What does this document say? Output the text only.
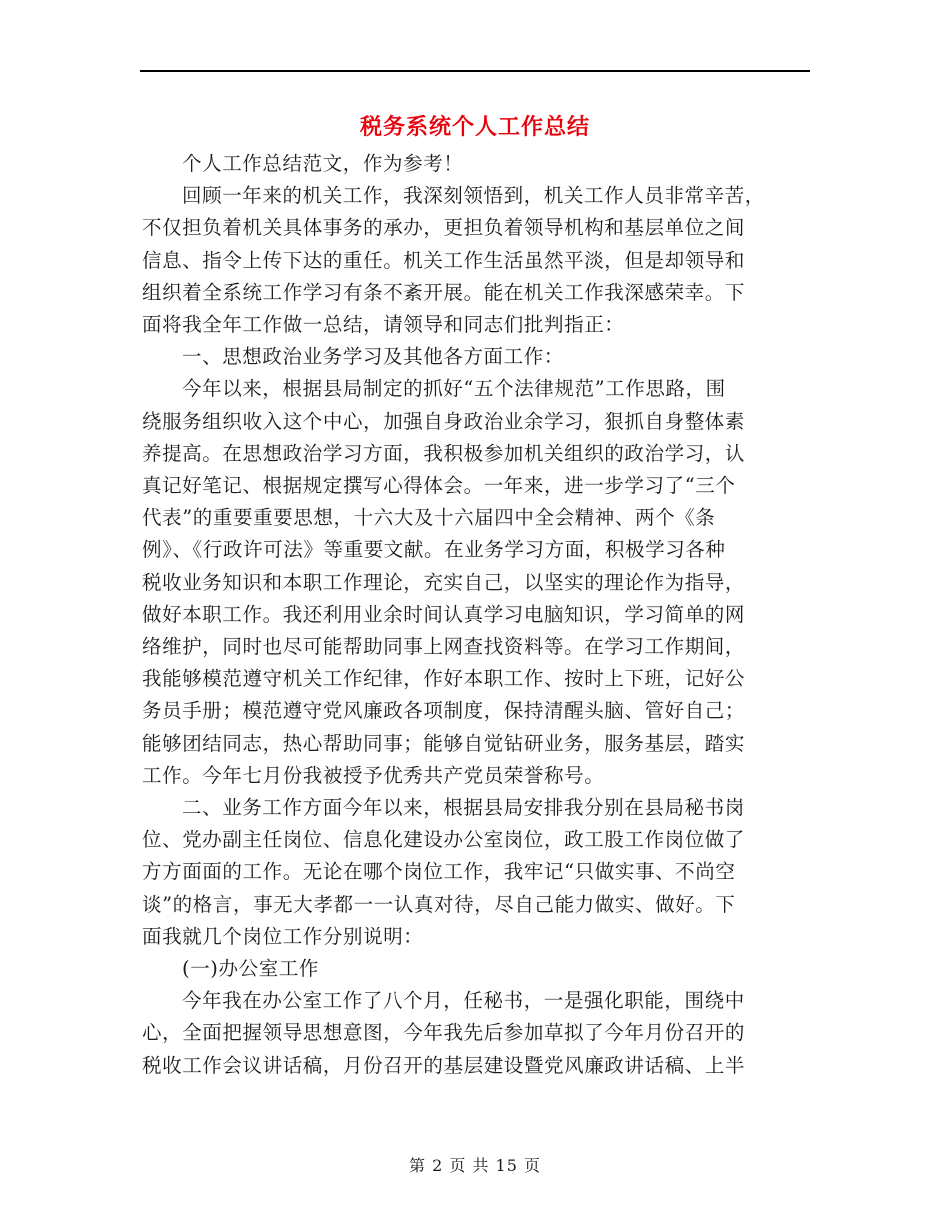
税务系统个人工作总结

个人工作总结范文，作为参考！

回顾一年来的机关工作，我深刻领悟到，机关工作人员非常辛苦，

不仅担负着机关具体事务的承办，更担负着领导机构和基层单位之间

信息、指令上传下达的重任。机关工作生活虽然平淡，但是却领导和

组织着全系统工作学习有条不紊开展。能在机关工作我深感荣幸。下

面将我全年工作做一总结，请领导和同志们批判指正：

一、思想政治业务学习及其他各方面工作：

今年以来，根据县局制定的抓好“五个法律规范”工作思路，围

绕服务组织收入这个中心，加强自身政治业余学习，狠抓自身整体素

养提高。在思想政治学习方面，我积极参加机关组织的政治学习，认

真记好笔记、根据规定撰写心得体会。一年来，进一步学习了“三个

代表”的重要重要思想，十六大及十六届四中全会精神、两个《条

例》、《行政许可法》等重要文献。在业务学习方面，积极学习各种

税收业务知识和本职工作理论，充实自己，以坚实的理论作为指导，

做好本职工作。我还利用业余时间认真学习电脑知识，学习简单的网

络维护，同时也尽可能帮助同事上网查找资料等。在学习工作期间，

我能够模范遵守机关工作纪律，作好本职工作、按时上下班，记好公

务员手册；模范遵守党风廉政各项制度，保持清醒头脑、管好自己；

能够团结同志，热心帮助同事；能够自觉钻研业务，服务基层，踏实

工作。今年七月份我被授予优秀共产党员荣誉称号。

二、业务工作方面今年以来，根据县局安排我分别在县局秘书岗

位、党办副主任岗位、信息化建设办公室岗位，政工股工作岗位做了

方方面面的工作。无论在哪个岗位工作，我牢记“只做实事、不尚空

谈”的格言，事无大孝都一一认真对待，尽自己能力做实、做好。下

面我就几个岗位工作分别说明：

(一)办公室工作

今年我在办公室工作了八个月，任秘书，一是强化职能，围绕中

心，全面把握领导思想意图，今年我先后参加草拟了今年月份召开的

税收工作会议讲话稿，月份召开的基层建设暨党风廉政讲话稿、上半

第 2 页 共 15 页
